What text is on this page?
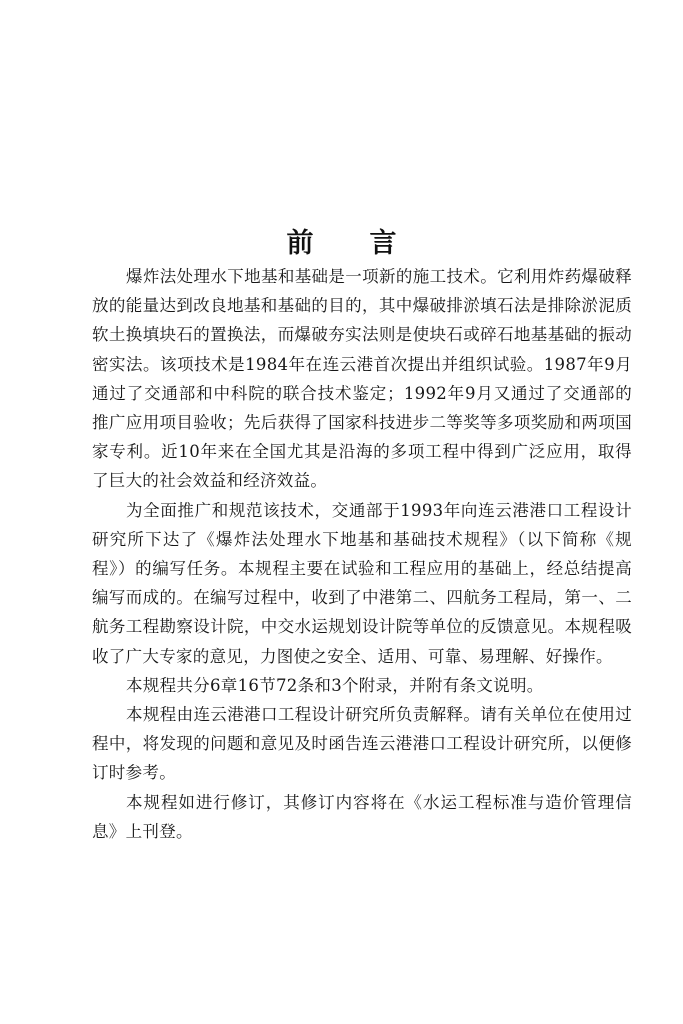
前言

爆炸法处理水下地基和基础是一项新的施工技术。它利用炸药爆破释放的能量达到改良地基和基础的目的，其中爆破排淤填石法是排除淤泥质软土换填块石的置换法，而爆破夯实法则是使块石或碎石地基基础的振动密实法。该项技术是1984年在连云港首次提出并组织试验。1987年9月通过了交通部和中科院的联合技术鉴定；1992年9月又通过了交通部的推广应用项目验收；先后获得了国家科技进步二等奖等多项奖励和两项国家专利。近10年来在全国尤其是沿海的多项工程中得到广泛应用，取得了巨大的社会效益和经济效益。

为全面推广和规范该技术，交通部于1993年向连云港港口工程设计研究所下达了《爆炸法处理水下地基和基础技术规程》（以下简称《规程》）的编写任务。本规程主要在试验和工程应用的基础上，经总结提高编写而成的。在编写过程中，收到了中港第二、四航务工程局，第一、二航务工程勘察设计院，中交水运规划设计院等单位的反馈意见。本规程吸收了广大专家的意见，力图使之安全、适用、可靠、易理解、好操作。

本规程共分6章16节72条和3个附录，并附有条文说明。

本规程由连云港港口工程设计研究所负责解释。请有关单位在使用过程中，将发现的问题和意见及时函告连云港港口工程设计研究所，以便修订时参考。

本规程如进行修订，其修订内容将在《水运工程标准与造价管理信息》上刊登。
